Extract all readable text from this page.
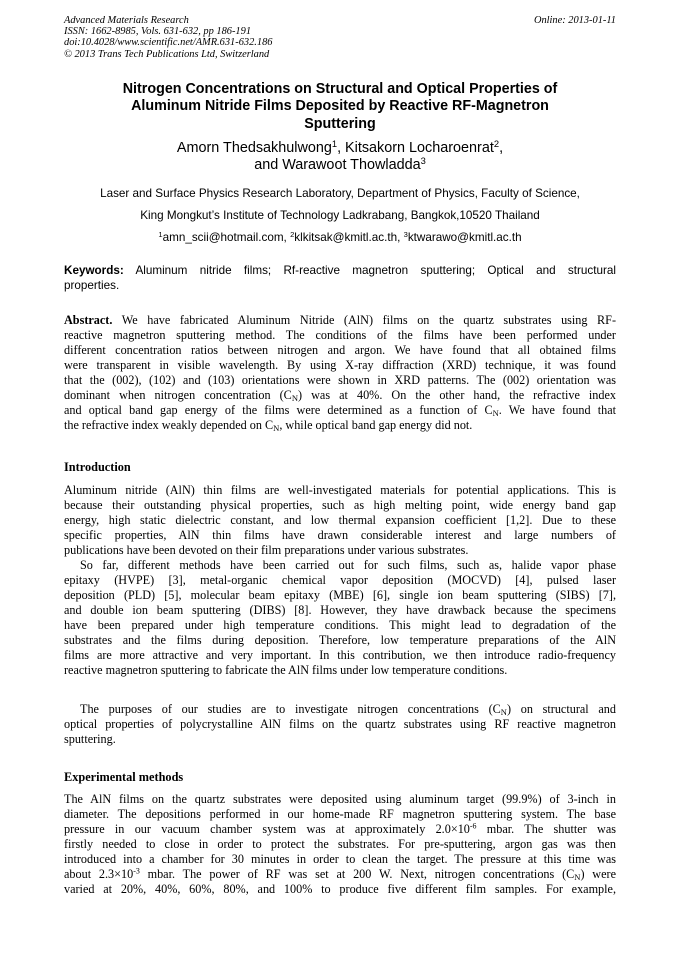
Advanced Materials Research
ISSN: 1662-8985, Vols. 631-632, pp 186-191
doi:10.4028/www.scientific.net/AMR.631-632.186
© 2013 Trans Tech Publications Ltd, Switzerland
Online: 2013-01-11
Nitrogen Concentrations on Structural and Optical Properties of
Aluminum Nitride Films Deposited by Reactive RF-Magnetron
Sputtering
Amorn Thedsakhulwong$^1$, Kitsakorn Locharoenrat$^2$,
and Warawoot Thowladda$^3$
Laser and Surface Physics Research Laboratory, Department of Physics, Faculty of Science,
King Mongkut’s Institute of Technology Ladkrabang, Bangkok,10520 Thailand
$^1$amn_scii@hotmail.com, $^2$klkitsak@kmitl.ac.th, $^3$ktwarawo@kmitl.ac.th
Keywords: Aluminum nitride films; Rf-reactive magnetron sputtering; Optical and structural
properties.
Abstract. We have fabricated Aluminum Nitride (AlN) films on the quartz substrates using RF-
reactive magnetron sputtering method. The conditions of the films have been performed under
different concentration ratios between nitrogen and argon. We have found that all obtained films
were transparent in visible wavelength. By using X-ray diffraction (XRD) technique, it was found
that the (002), (102) and (103) orientations were shown in XRD patterns. The (002) orientation was
dominant when nitrogen concentration $(C_N)$ was at 40%. On the other hand, the refractive index
and optical band gap energy of the films were determined as a function of $C_N$. We have found that
the refractive index weakly depended on $C_N$, while optical band gap energy did not.
Introduction
Aluminum nitride (AlN) thin films are well-investigated materials for potential applications. This is
because their outstanding physical properties, such as high melting point, wide energy band gap
energy, high static dielectric constant, and low thermal expansion coefficient [1,2]. Due to these
specific properties, AlN thin films have drawn considerable interest and large numbers of
publications have been devoted on their film preparations under various substrates.
So far, different methods have been carried out for such films, such as, halide vapor phase
epitaxy (HVPE) [3], metal-organic chemical vapor deposition (MOCVD) [4], pulsed laser
deposition (PLD) [5], molecular beam epitaxy (MBE) [6], single ion beam sputtering (SIBS) [7],
and double ion beam sputtering (DIBS) [8]. However, they have drawback because the specimens
have been prepared under high temperature conditions. This might lead to degradation of the
substrates and the films during deposition. Therefore, low temperature preparations of the AlN
films are more attractive and very important. In this contribution, we then introduce radio-frequency
reactive magnetron sputtering to fabricate the AlN films under low temperature conditions.
The purposes of our studies are to investigate nitrogen concentrations $(C_N)$ on structural and
optical properties of polycrystalline AlN films on the quartz substrates using RF reactive magnetron
sputtering.
Experimental methods
The AlN films on the quartz substrates were deposited using aluminum target (99.9%) of 3-inch in
diameter. The depositions performed in our home-made RF magnetron sputtering system. The base
pressure in our vacuum chamber system was at approximately $2.0\times 10^{-6}$ mbar. The shutter was
firstly needed to close in order to protect the substrates. For pre-sputtering, argon gas was then
introduced into a chamber for 30 minutes in order to clean the target. The pressure at this time was
about $2.3\times 10^{-3}$ mbar. The power of RF was set at 200 W. Next, nitrogen concentrations $(C_N)$ were
varied at 20%, 40%, 60%, 80%, and 100% to produce five different film samples. For example,
